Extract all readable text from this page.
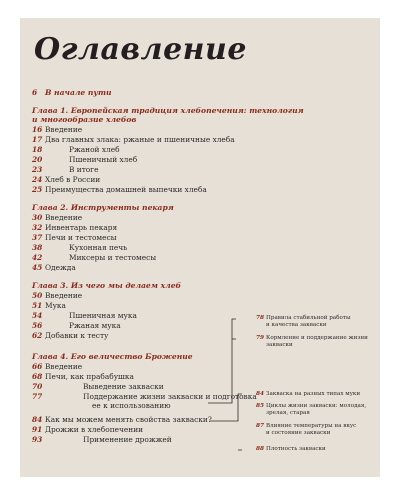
Оглавление
6 В начале пути
Глава 1. Европейская традиция хлебопечения: технология
и многообразие хлебов
16 Введение
17 Два главных злака: ржаные и пшеничные хлеба
18	Ржаной хлеб
20	Пшеничный хлеб
23	В итоге
24 Хлеб в России
25 Преимущества домашней выпечки хлеба
Глава 2. Инструменты пекаря
30 Введение
32 Инвентарь пекаря
37 Печи и тестомесы
38	Кухонная печь
42	Миксеры и тестомесы
45 Одежда
Глава 3. Из чего мы делаем хлеб
50 Введение
51 Мука
54	Пшеничная мука
56	Ржаная мука
62 Добавки к тесту
Глава 4. Его величество Брожение
66 Введение
68 Печи, как прабабушка
70	Выведение закваски
77	Поддержание жизни закваски и подготовка
ее к использованию
84 Как мы можем менять свойства закваски?
91 Дрожжи в хлебопечении
93	Применение дрожжей
78 Правила стабильной работы
и качества закваски
79 Кормление и поддержание жизни
закваски
84 Закваска на разных типах муки
85 Циклы жизни закваски: молодая,
зрелая, старая
87 Влияние температуры на вкус
и состояние закваски
88 Плотность закваски
